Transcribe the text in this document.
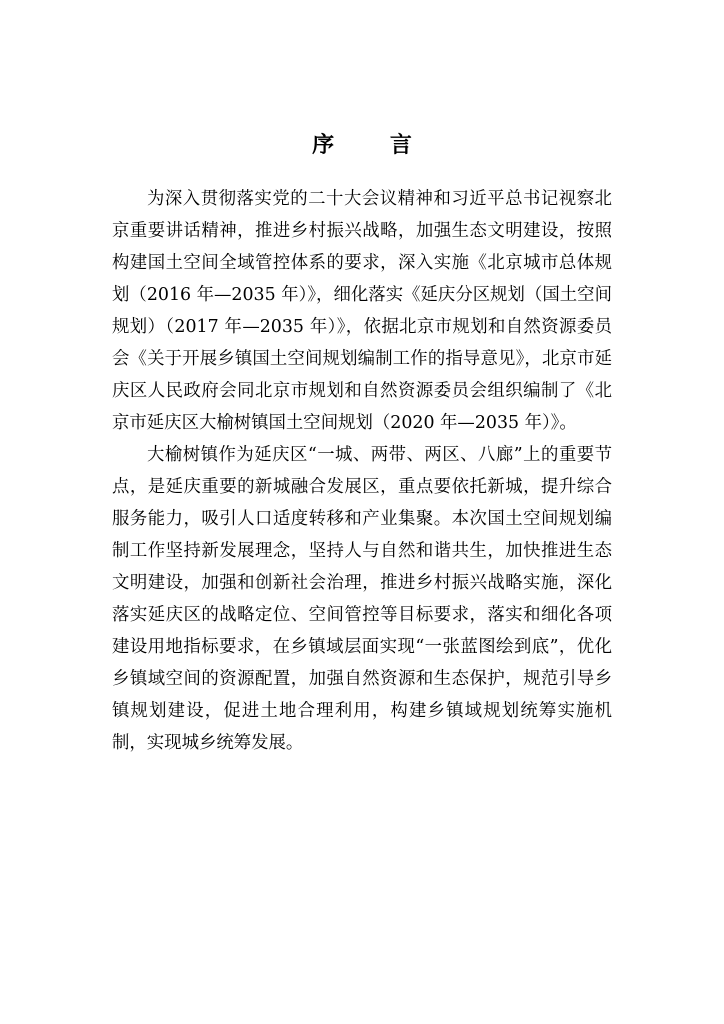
序 言

为深入贯彻落实党的二十大会议精神和习近平总书记视察北京重要讲话精神，推进乡村振兴战略，加强生态文明建设，按照构建国土空间全域管控体系的要求，深入实施《北京城市总体规划（2016 年—2035 年）》，细化落实《延庆分区规划（国土空间规划）（2017 年—2035 年）》，依据北京市规划和自然资源委员会《关于开展乡镇国土空间规划编制工作的指导意见》，北京市延庆区人民政府会同北京市规划和自然资源委员会组织编制了《北京市延庆区大榆树镇国土空间规划（2020 年—2035 年）》。

大榆树镇作为延庆区“一城、两带、两区、八廊”上的重要节点，是延庆重要的新城融合发展区，重点要依托新城，提升综合服务能力，吸引人口适度转移和产业集聚。本次国土空间规划编制工作坚持新发展理念，坚持人与自然和谐共生，加快推进生态文明建设，加强和创新社会治理，推进乡村振兴战略实施，深化落实延庆区的战略定位、空间管控等目标要求，落实和细化各项建设用地指标要求，在乡镇域层面实现“一张蓝图绘到底”，优化乡镇域空间的资源配置，加强自然资源和生态保护，规范引导乡镇规划建设，促进土地合理利用，构建乡镇域规划统筹实施机制，实现城乡统筹发展。
